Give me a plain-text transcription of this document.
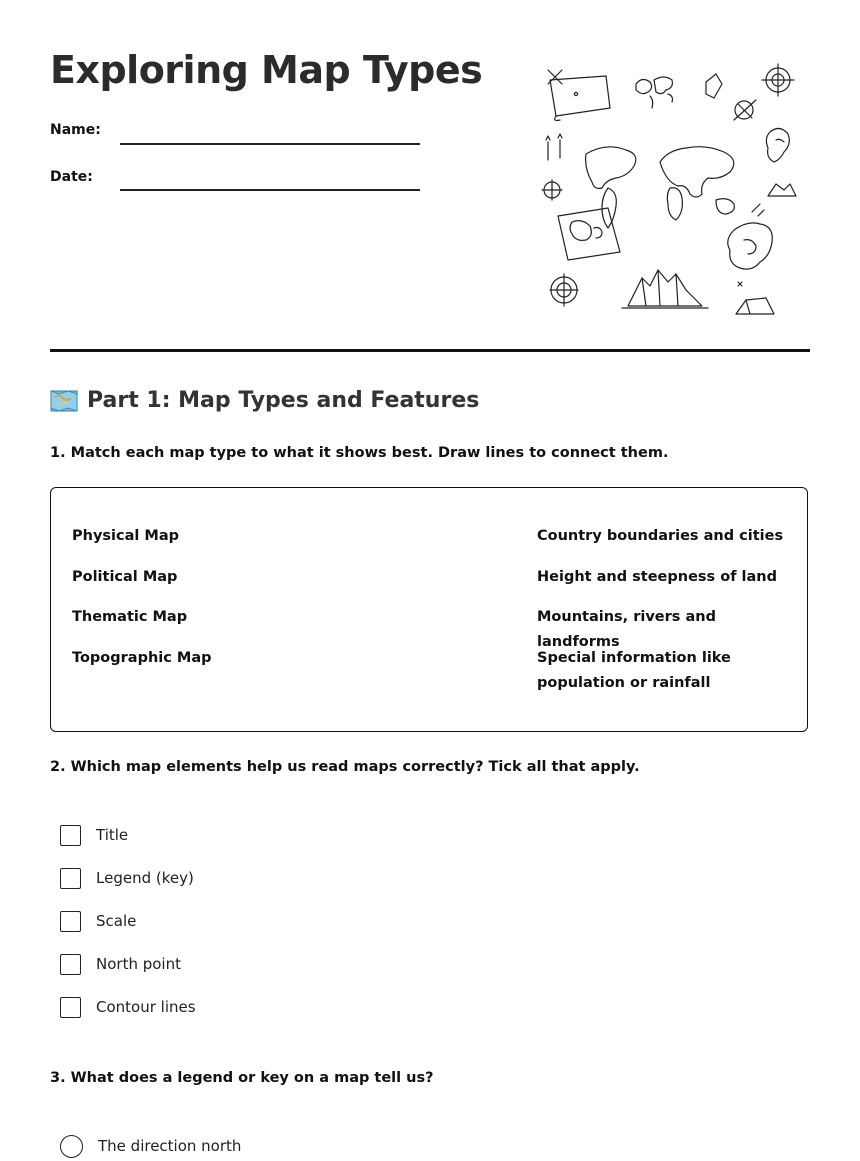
Exploring Map Types
Name:
Date:
Part 1: Map Types and Features
1. Match each map type to what it shows best. Draw lines to connect them.
Physical Map
Political Map
Thematic Map
Topographic Map
Country boundaries and cities
Height and steepness of land
Mountains, rivers and landforms
Special information like population or rainfall
2. Which map elements help us read maps correctly? Tick all that apply.
Title
Legend (key)
Scale
North point
Contour lines
3. What does a legend or key on a map tell us?
The direction north
